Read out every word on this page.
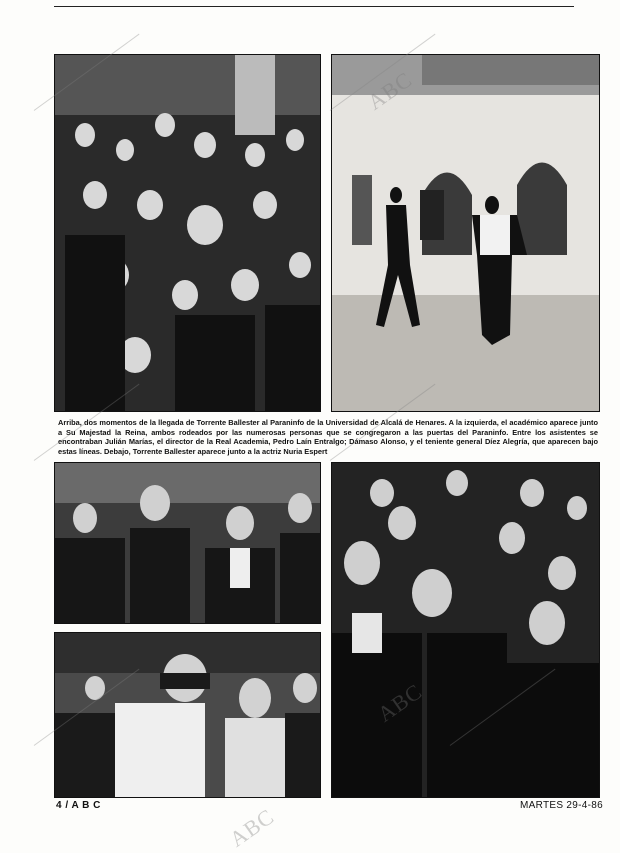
Arriba, dos momentos de la llegada de Torrente Ballester al Paraninfo de la Universidad de Alcalá de Henares. A la izquierda, el académico aparece junto a Su Majestad la Reina, ambos rodeados por las numerosas personas que se congregaron a las puertas del Paraninfo. Entre los asistentes se encontraban Julián Marías, el director de la Real Academia, Pedro Laín Entralgo; Dámaso Alonso, y el teniente general Díez Alegría, que aparecen bajo estas líneas. Debajo, Torrente Ballester aparece junto a la actriz Nuria Espert
ABC
ABC
ABC
4 / A B C	MARTES 29-4-86
